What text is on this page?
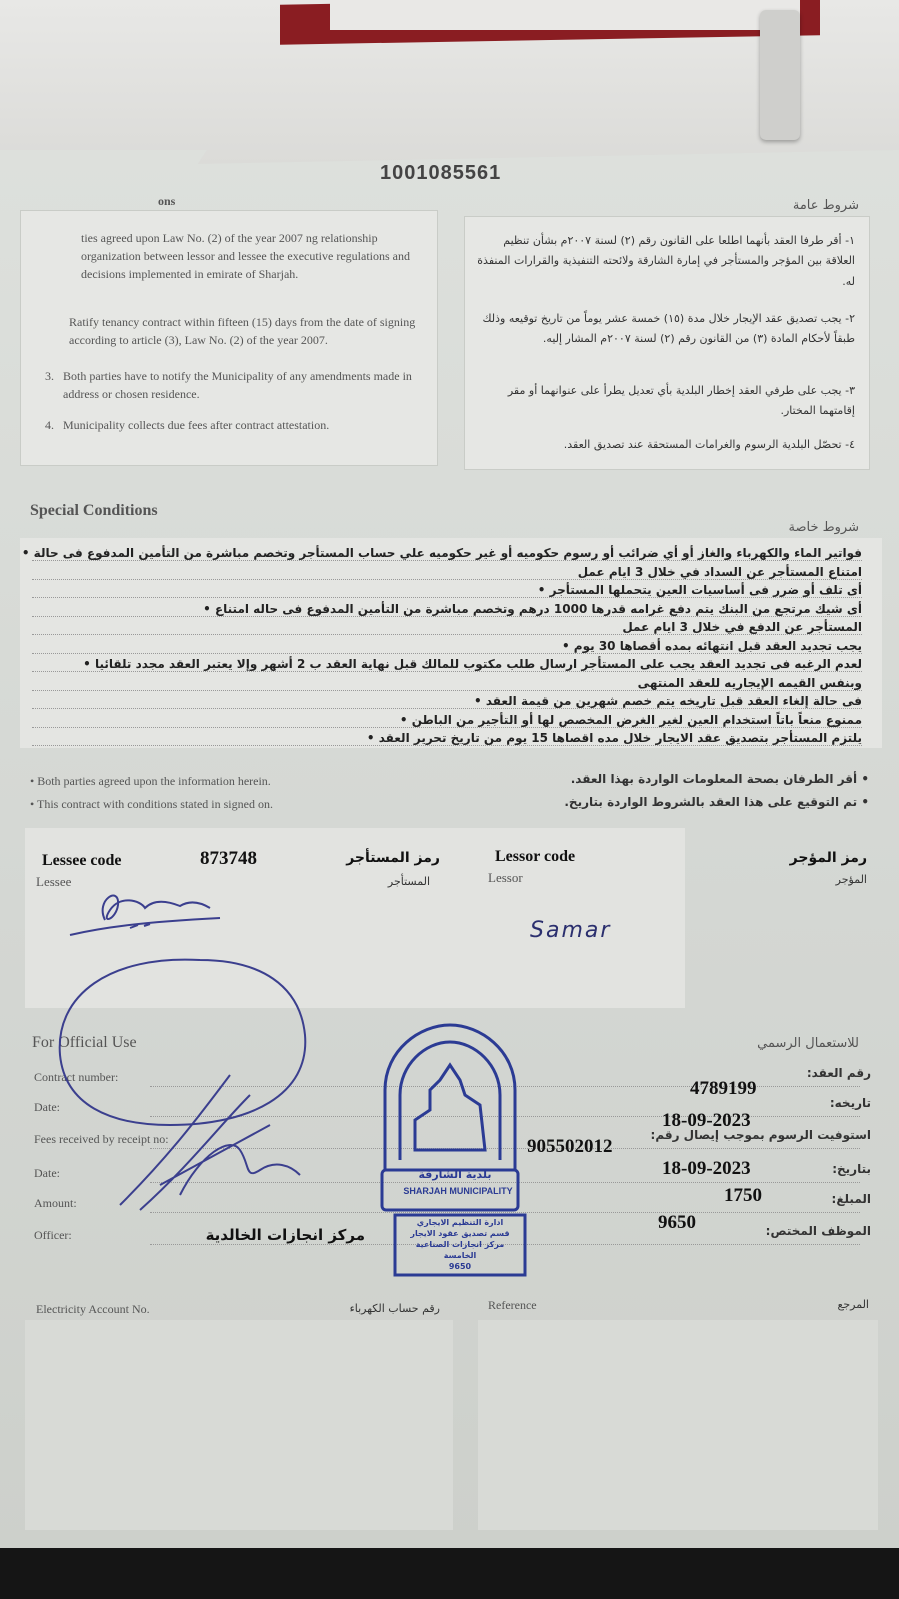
1001085561
شروط عامة
ons
ties agreed upon Law No. (2) of the year 2007 ng relationship organization between lessor and lessee the executive regulations and decisions implemented in emirate of Sharjah.
Ratify tenancy contract within fifteen (15) days from the date of signing according to article (3), Law No. (2) of the year 2007.
3. Both parties have to notify the Municipality of any amendments made in address or chosen residence.
4. Municipality collects due fees after contract attestation.
١- أقر طرفا العقد بأنهما اطلعا على القانون رقم (٢) لسنة ٢٠٠٧م بشأن تنظيم العلاقة بين المؤجر والمستأجر في إمارة الشارقة ولائحته التنفيذية والقرارات المنفذة له.
٢- يجب تصديق عقد الإيجار خلال مدة (١٥) خمسة عشر يوماً من تاريخ توقيعه وذلك طبقاً لأحكام المادة (٣) من القانون رقم (٢) لسنة ٢٠٠٧م المشار إليه.
٣- يجب على طرفي العقد إخطار البلدية بأي تعديل يطرأ على عنوانهما أو مقر إقامتهما المختار.
٤- تحصّل البلدية الرسوم والغرامات المستحقة عند تصديق العقد.
Special Conditions
شروط خاصة
فواتير الماء والكهرباء والغاز أو أي ضرائب أو رسوم حكوميه أو غير حكوميه علي حساب المستأجر وتخصم مباشرة من التأمين المدفوع فى حالة •
امتناع المستأجر عن السداد في خلال 3 ايام عمل
أى تلف أو ضرر فى أساسيات العين يتحملها المستأجر •
أى شيك مرتجع من البنك يتم دفع غرامه قدرها 1000 درهم وتخصم مباشرة من التأمين المدفوع فى حاله امتناع •
المستأجر عن الدفع في خلال 3 ايام عمل
يجب تجديد العقد قبل انتهائه بمده أقصاها 30 يوم •
لعدم الرغبه فى تجديد العقد يجب على المستأجر ارسال طلب مكتوب للمالك قبل نهاية العقد ب 2 أشهر وإلا يعتبر العقد مجدد تلقائيا •
وبنفس القيمه الإيجاريه للعقد المنتهى
فى حالة إلغاء العقد قبل تاريخه يتم خصم شهرين من قيمة العقد •
ممنوع منعاً باتاً استخدام العين لغير الغرض المخصص لها أو التأجير من الباطن •
يلتزم المستأجر بتصديق عقد الايجار خلال مده اقصاها 15 يوم من تاريخ تحرير العقد •
• Both parties agreed upon the information herein.
• This contract with conditions stated in signed on.
• أقر الطرفان بصحة المعلومات الواردة بهذا العقد.
• تم التوقيع على هذا العقد بالشروط الواردة بتاريخ.
Lessee code	873748	رمز المستأجر
Lessee	المستأجر
Lessor code	رمز المؤجر
Lessor	المؤجر
Samar
For Official Use	للاستعمال الرسمي
Contract number:	رقم العقد:
4789199
Date:	تاريخه:
18-09-2023
Fees received by receipt no:	استوفيت الرسوم بموجب إيصال رقم:
905502012
Date:	بتاريخ:
18-09-2023
Amount:	المبلغ:
1750
Officer:	الموظف المختص:
9650
مركز انجازات الخالدية
Electricity Account No.	رقم حساب الكهرباء	Reference	المرجع
بلدية الشارقة
SHARJAH MUNICIPALITY
ادارة التنظيم الايجاري
قسم تصديق عقود الايجار
مركز انجازات الصناعية
الخامسة
9650
